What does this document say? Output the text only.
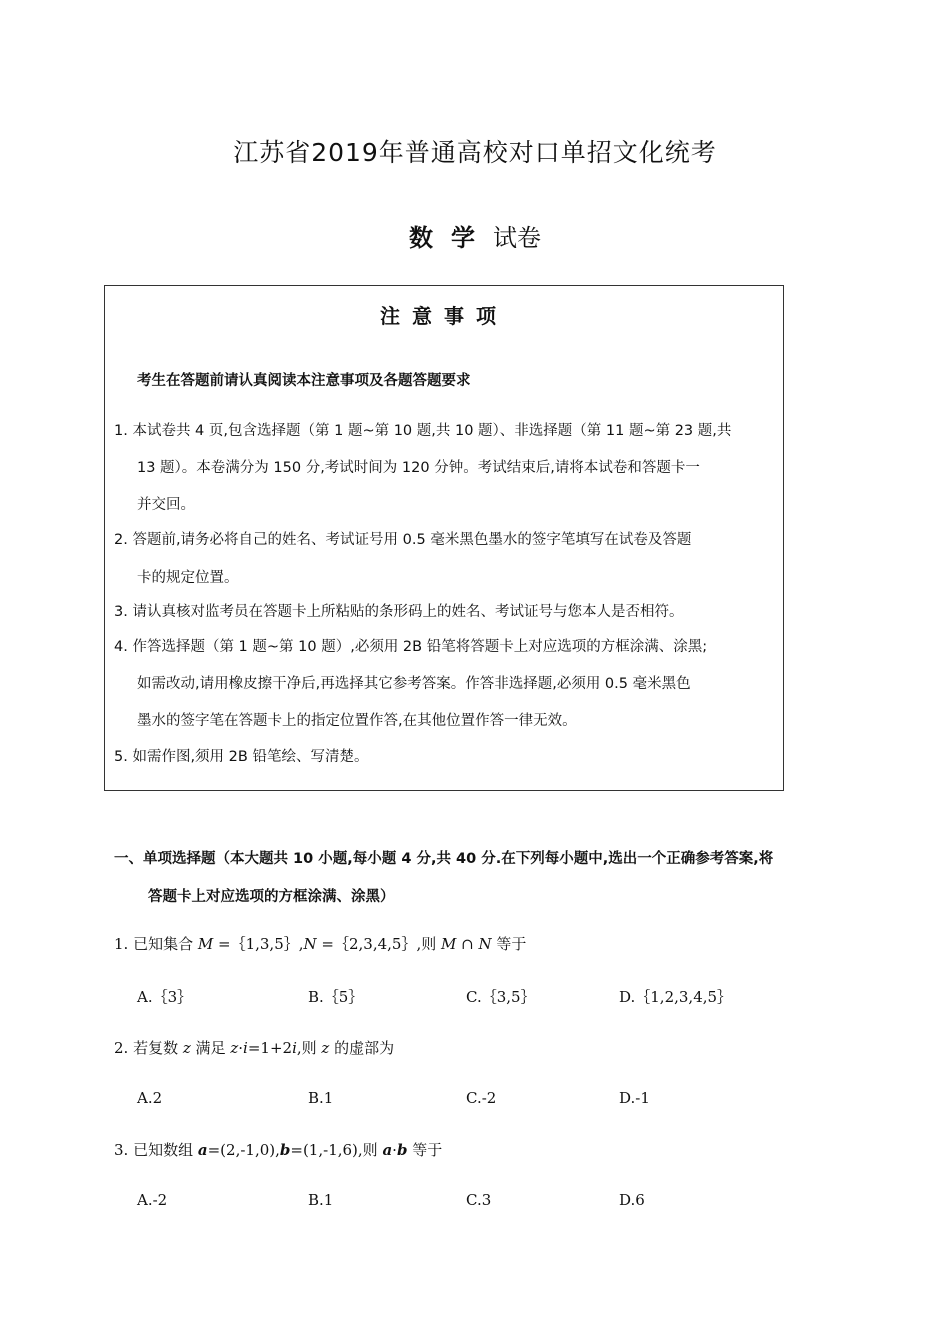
江苏省2019年普通高校对口单招文化统考
数学试卷
注意事项
考生在答题前请认真阅读本注意事项及各题答题要求
1. 本试卷共 4 页,包含选择题（第 1 题~第 10 题,共 10 题）、非选择题（第 11 题~第 23 题,共
13 题）。本卷满分为 150 分,考试时间为 120 分钟。考试结束后,请将本试卷和答题卡一
并交回。
2. 答题前,请务必将自己的姓名、考试证号用 0.5 毫米黑色墨水的签字笔填写在试卷及答题
卡的规定位置。
3. 请认真核对监考员在答题卡上所粘贴的条形码上的姓名、考试证号与您本人是否相符。
4. 作答选择题（第 1 题~第 10 题）,必须用 2B 铅笔将答题卡上对应选项的方框涂满、涂黑;
如需改动,请用橡皮擦干净后,再选择其它参考答案。作答非选择题,必须用 0.5 毫米黑色
墨水的签字笔在答题卡上的指定位置作答,在其他位置作答一律无效。
5. 如需作图,须用 2B 铅笔绘、写清楚。
一、单项选择题（本大题共 10 小题,每小题 4 分,共 40 分.在下列每小题中,选出一个正确参考答案,将
答题卡上对应选项的方框涂满、涂黑）
1. 已知集合 M =｛1,3,5｝,N =｛2,3,4,5｝,则 M ∩ N 等于
A.｛3｝	B.｛5｝	C.｛3,5｝	D.｛1,2,3,4,5｝
2. 若复数 z 满足 z·i=1+2i,则 z 的虚部为
A.2	B.1	C.-2	D.-1
3. 已知数组 a=(2,-1,0),b=(1,-1,6),则 a·b 等于
A.-2	B.1	C.3	D.6
